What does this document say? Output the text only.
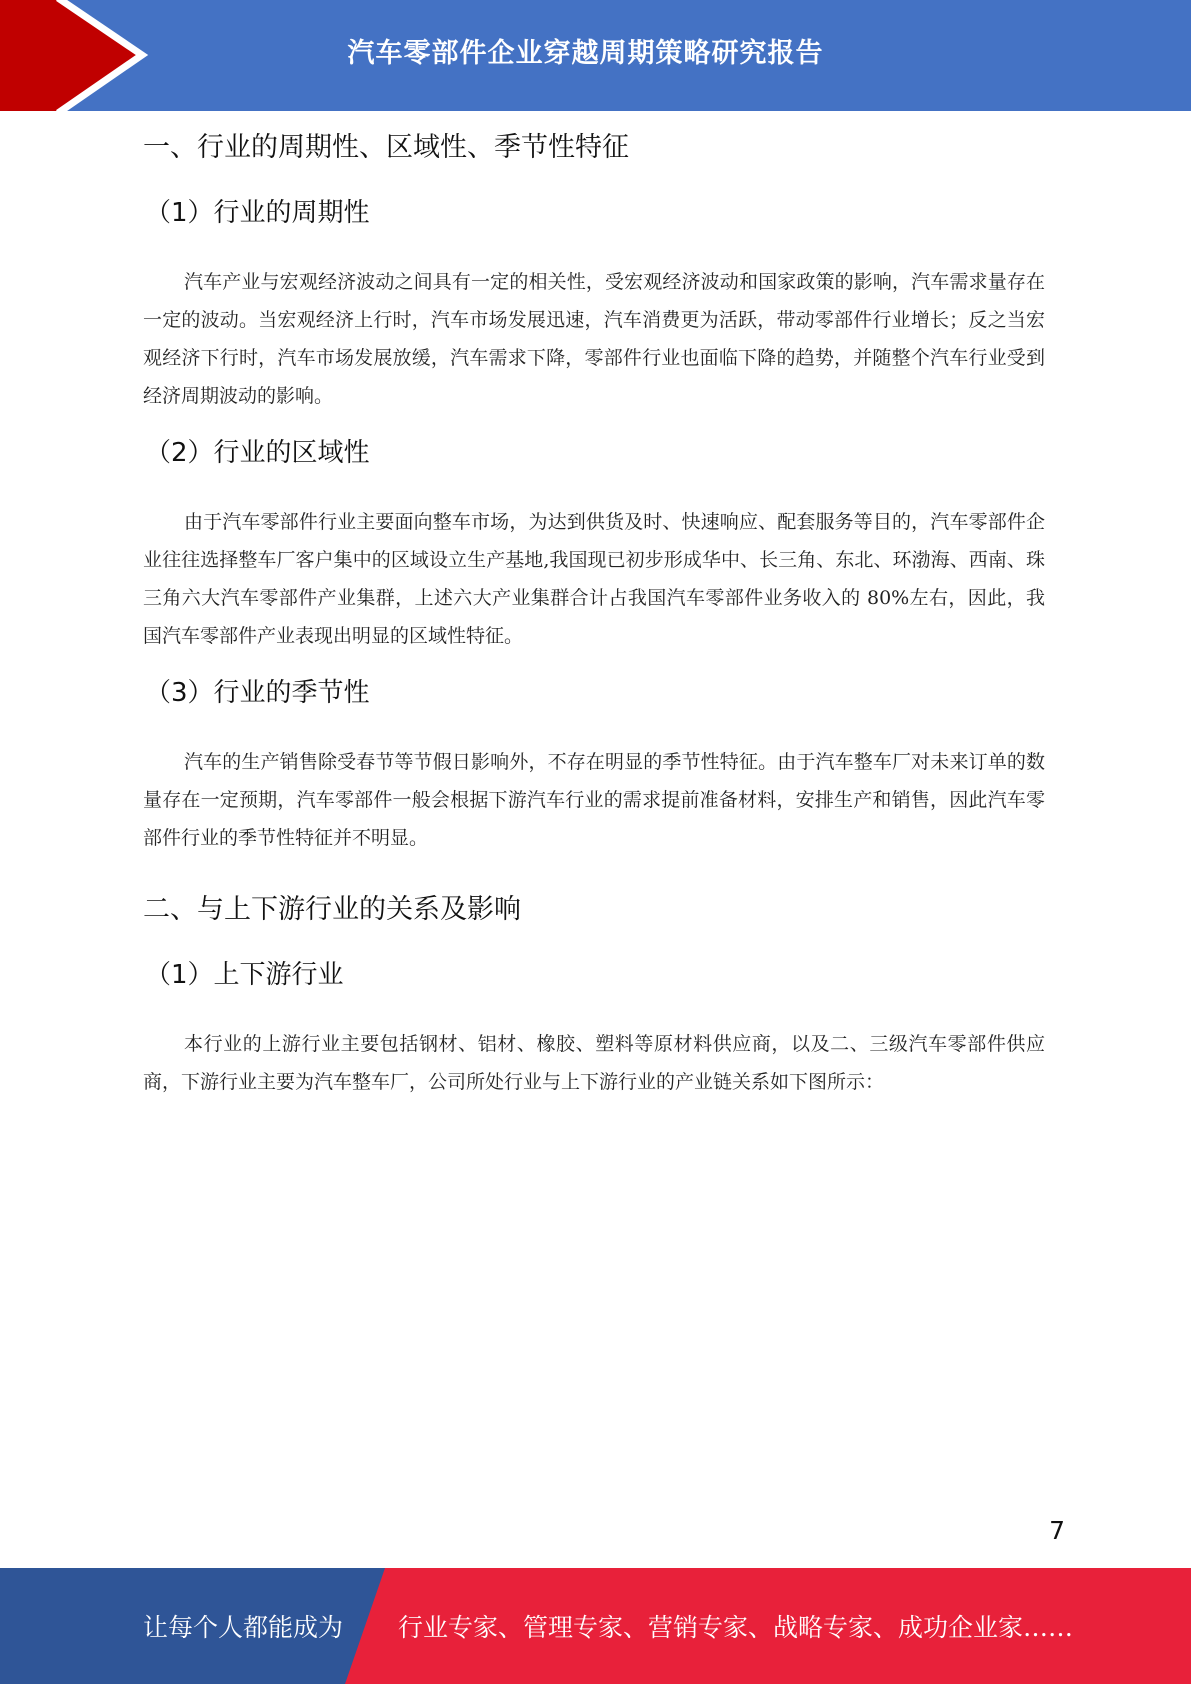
汽车零部件企业穿越周期策略研究报告
一、行业的周期性、区域性、季节性特征
（1）行业的周期性

汽车产业与宏观经济波动之间具有一定的相关性，受宏观经济波动和国家政策的影响，汽车需求量存在一定的波动。当宏观经济上行时，汽车市场发展迅速，汽车消费更为活跃，带动零部件行业增长；反之当宏观经济下行时，汽车市场发展放缓，汽车需求下降，零部件行业也面临下降的趋势，并随整个汽车行业受到经济周期波动的影响。

（2）行业的区域性

由于汽车零部件行业主要面向整车市场，为达到供货及时、快速响应、配套服务等目的，汽车零部件企业往往选择整车厂客户集中的区域设立生产基地,我国现已初步形成华中、长三角、东北、环渤海、西南、珠三角六大汽车零部件产业集群，上述六大产业集群合计占我国汽车零部件业务收入的 80%左右，因此，我国汽车零部件产业表现出明显的区域性特征。

（3）行业的季节性

汽车的生产销售除受春节等节假日影响外，不存在明显的季节性特征。由于汽车整车厂对未来订单的数量存在一定预期，汽车零部件一般会根据下游汽车行业的需求提前准备材料，安排生产和销售，因此汽车零部件行业的季节性特征并不明显。

二、与上下游行业的关系及影响
（1）上下游行业

本行业的上游行业主要包括钢材、铝材、橡胶、塑料等原材料供应商，以及二、三级汽车零部件供应商，下游行业主要为汽车整车厂，公司所处行业与上下游行业的产业链关系如下图所示：

7
让每个人都能成为 行业专家、管理专家、营销专家、战略专家、成功企业家……
